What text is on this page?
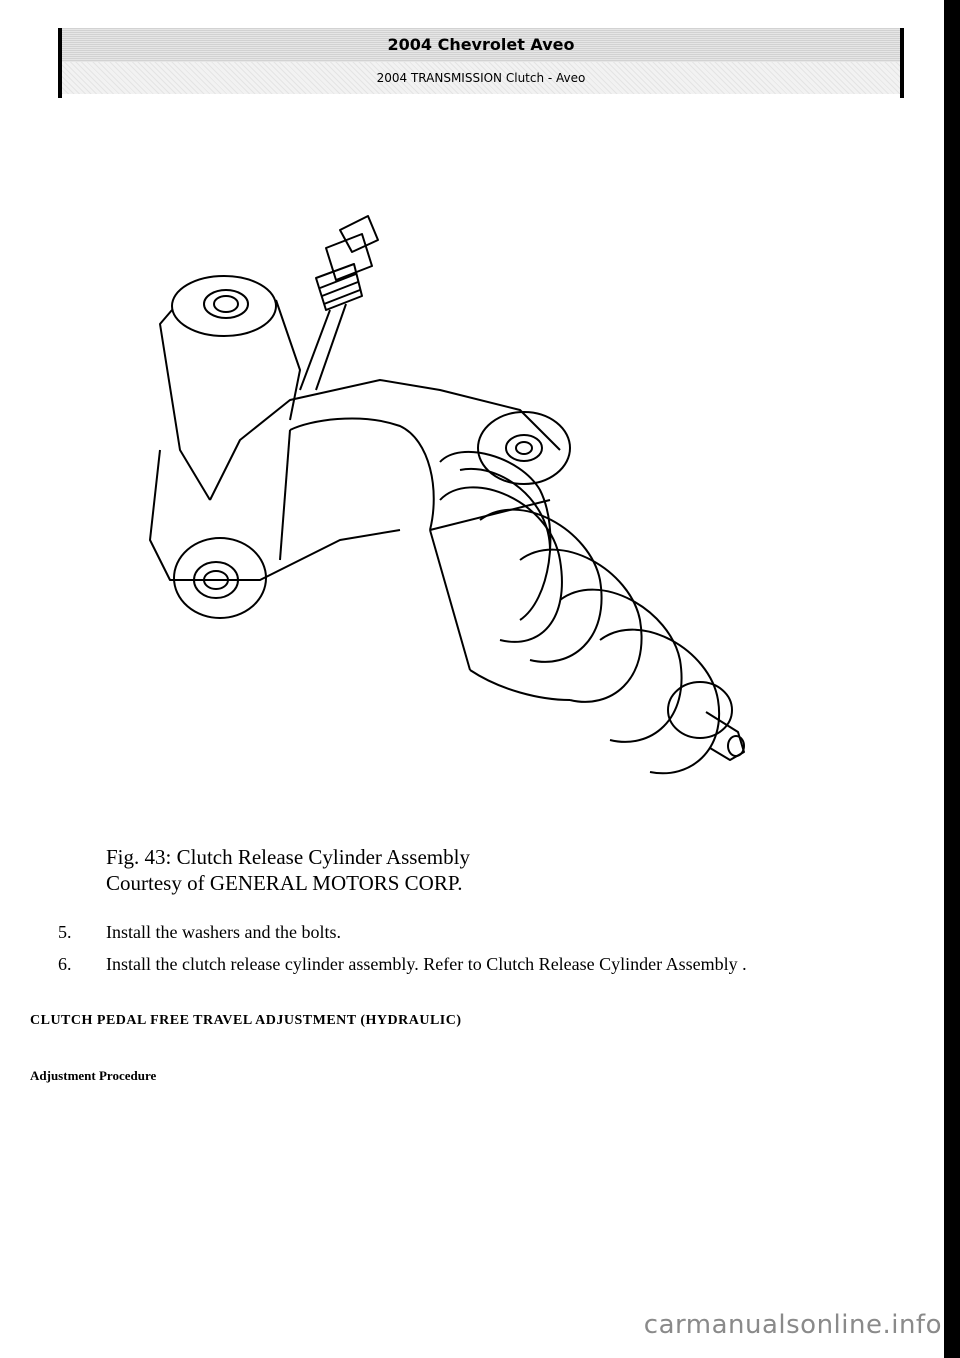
2004 Chevrolet Aveo
2004 TRANSMISSION Clutch - Aveo
Fig. 43: Clutch Release Cylinder Assembly
Courtesy of GENERAL MOTORS CORP.
5.	Install the washers and the bolts.
6.	Install the clutch release cylinder assembly. Refer to Clutch Release Cylinder Assembly .
CLUTCH PEDAL FREE TRAVEL ADJUSTMENT (HYDRAULIC)
Adjustment Procedure
carmanualsonline.info
